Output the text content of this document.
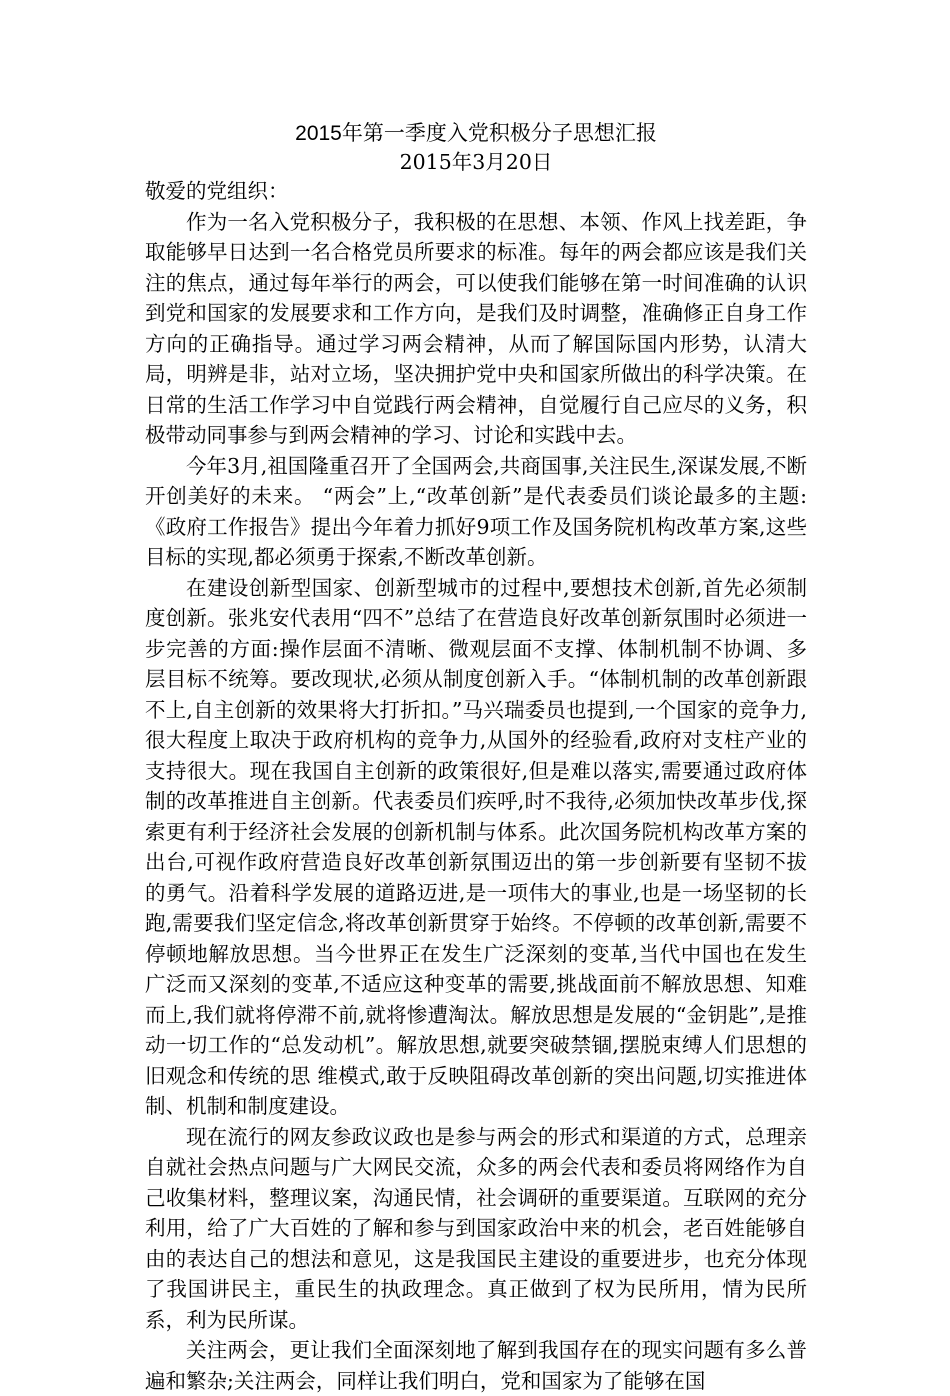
2015年第一季度入党积极分子思想汇报

2015年3月20日

敬爱的党组织：

作为一名入党积极分子，我积极的在思想、本领、作风上找差距，争取能够早日达到一名合格党员所要求的标准。每年的两会都应该是我们关注的焦点，通过每年举行的两会，可以使我们能够在第一时间准确的认识到党和国家的发展要求和工作方向，是我们及时调整，准确修正自身工作方向的正确指导。通过学习两会精神，从而了解国际国内形势，认清大局，明辨是非，站对立场，坚决拥护党中央和国家所做出的科学决策。在日常的生活工作学习中自觉践行两会精神，自觉履行自己应尽的义务，积极带动同事参与到两会精神的学习、讨论和实践中去。

今年3月,祖国隆重召开了全国两会,共商国事,关注民生,深谋发展,不断开创美好的未来。 “两会”上,“改革创新”是代表委员们谈论最多的主题:《政府工作报告》提出今年着力抓好9项工作及国务院机构改革方案,这些目标的实现,都必须勇于探索,不断改革创新。

在建设创新型国家、创新型城市的过程中,要想技术创新,首先必须制度创新。张兆安代表用“四不”总结了在营造良好改革创新氛围时必须进一步完善的方面:操作层面不清晰、微观层面不支撑、体制机制不协调、多层目标不统筹。要改现状,必须从制度创新入手。“体制机制的改革创新跟不上,自主创新的效果将大打折扣。”马兴瑞委员也提到,一个国家的竞争力,很大程度上取决于政府机构的竞争力,从国外的经验看,政府对支柱产业的支持很大。现在我国自主创新的政策很好,但是难以落实,需要通过政府体制的改革推进自主创新。代表委员们疾呼,时不我待,必须加快改革步伐,探索更有利于经济社会发展的创新机制与体系。此次国务院机构改革方案的出台,可视作政府营造良好改革创新氛围迈出的第一步创新要有坚韧不拔的勇气。沿着科学发展的道路迈进,是一项伟大的事业,也是一场坚韧的长跑,需要我们坚定信念,将改革创新贯穿于始终。不停顿的改革创新,需要不停顿地解放思想。当今世界正在发生广泛深刻的变革,当代中国也在发生广泛而又深刻的变革,不适应这种变革的需要,挑战面前不解放思想、知难而上,我们就将停滞不前,就将惨遭淘汰。解放思想是发展的“金钥匙”,是推动一切工作的“总发动机”。解放思想,就要突破禁锢,摆脱束缚人们思想的旧观念和传统的思 维模式,敢于反映阻碍改革创新的突出问题,切实推进体制、机制和制度建设。

现在流行的网友参政议政也是参与两会的形式和渠道的方式，总理亲自就社会热点问题与广大网民交流，众多的两会代表和委员将网络作为自己收集材料，整理议案，沟通民情，社会调研的重要渠道。互联网的充分利用，给了广大百姓的了解和参与到国家政治中来的机会，老百姓能够自由的表达自己的想法和意见，这是我国民主建设的重要进步，也充分体现了我国讲民主，重民生的执政理念。真正做到了权为民所用，情为民所系，利为民所谋。

关注两会，更让我们全面深刻地了解到我国存在的现实问题有多么普遍和繁杂;关注两会，同样让我们明白，党和国家为了能够在国
